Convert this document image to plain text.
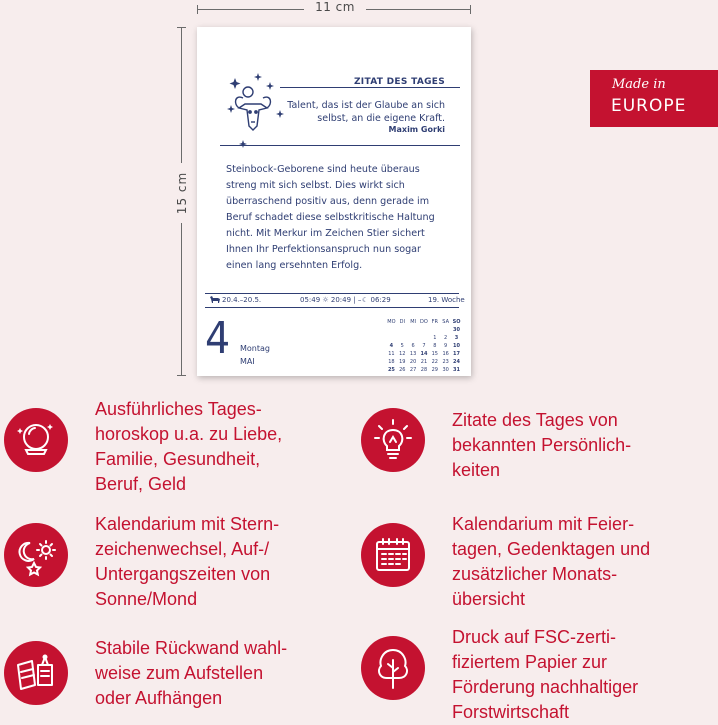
11 cm
15 cm
ZITAT DES TAGES
Talent, das ist der Glaube an sich selbst, an die eigene Kraft.
Maxim Gorki
Steinbock-Geborene sind heute überaus streng mit sich selbst. Dies wirkt sich überraschend positiv aus, denn gerade im Beruf schadet diese selbstkritische Haltung nicht. Mit Merkur im Zeichen Stier sichert Ihnen Ihr Perfektionsanspruch nun sogar einen lang ersehnten Erfolg.
20.4.–20.5.	05:49 ☼ 20:49 | – ☾ 06:29	19. Woche
4 Montag
MAI
MO	DI	MI	DO	FR	SA	SO
						30
				1	2	3
4	5	6	7	8	9	10
11	12	13	14	15	16	17
18	19	20	21	22	23	24
25	26	27	28	29	30	31
Made in
EUROPE
Ausführliches Tages-
horoskop u.a. zu Liebe,
Familie, Gesundheit,
Beruf, Geld
Zitate des Tages von
bekannten Persönlich-
keiten
Kalendarium mit Stern-
zeichenwechsel, Auf-/
Untergangszeiten von
Sonne/Mond
Kalendarium mit Feier-
tagen, Gedenktagen und
zusätzlicher Monats-
übersicht
Stabile Rückwand wahl-
weise zum Aufstellen
oder Aufhängen
Druck auf FSC-zerti-
fiziertem Papier zur
Förderung nachhaltiger
Forstwirtschaft
